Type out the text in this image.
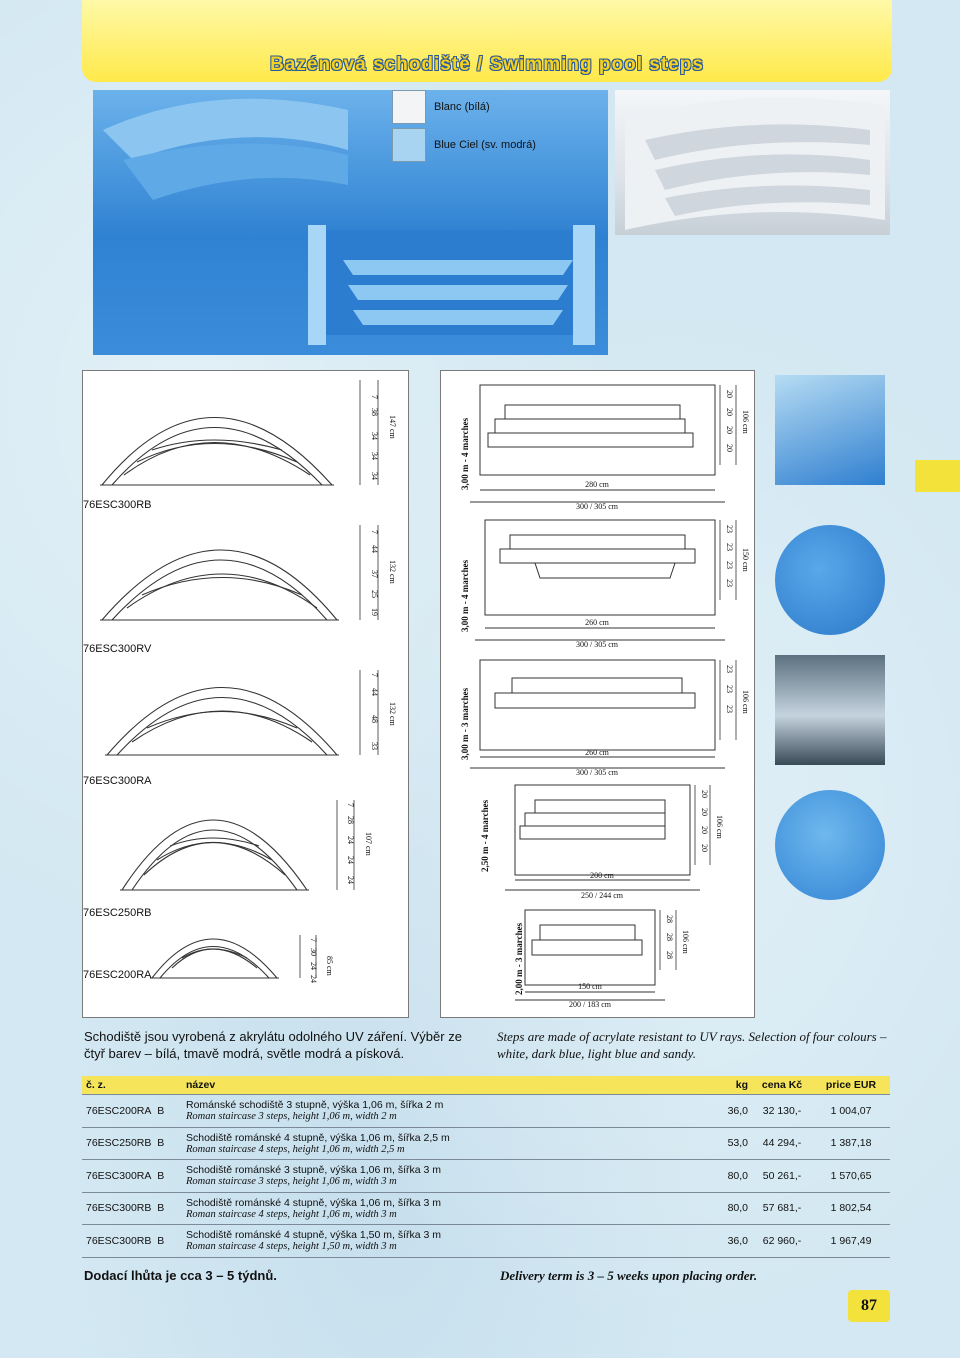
Bazénová schodiště / Swimming pool steps
Blanc (bílá)
Blue Ciel (sv. modrá)
7
38
34
34
34
147 cm
7
44
37
25
19
132 cm
7
44
48
33
132 cm
7
28
24
24
24
107 cm
7
30
24
24
85 cm
280 cm
300 / 305 cm
260 cm
300 / 305 cm
260 cm
300 / 305 cm
200 cm
250 / 244 cm
150 cm
200 / 183 cm
3,00 m - 4 marches
3,00 m - 4 marches
3,00 m - 3 marches
2,50 m - 4 marches
2,00 m - 3 marches
20
20
20
20
106 cm
23
23
23
23
150 cm
23
23
23 106 cm
20
20
20
20
106 cm
28
28
28
106 cm
76ESC300RB
76ESC300RV
76ESC300RA
76ESC250RB
76ESC200RA
Schodiště jsou vyrobená z akrylátu odolného UV záření. Výběr ze čtyř barev – bílá, tmavě modrá, světle modrá a písková.
Steps are made of acrylate resistant to UV rays. Selection of four colours – white, dark blue, light blue and sandy.
č. z.	název	kg	cena Kč	price EUR
76ESC200RA B	Románské schodiště 3 stupně, výška 1,06 m, šířka 2 m
Roman staircase 3 steps, height 1,06 m, width 2 m	36,0	32 130,-	1 004,07
76ESC250RB B	Schodiště románské 4 stupně, výška 1,06 m, šířka 2,5 m
Roman staircase 4 steps, height 1,06 m, width 2,5 m	53,0	44 294,-	1 387,18
76ESC300RA B	Schodiště románské 3 stupně, výška 1,06 m, šířka 3 m
Roman staircase 3 steps, height 1,06 m, width 3 m	80,0	50 261,-	1 570,65
76ESC300RB B	Schodiště románské 4 stupně, výška 1,06 m, šířka 3 m
Roman staircase 4 steps, height 1,06 m, width 3 m	80,0	57 681,-	1 802,54
76ESC300RB B	Schodiště románské 4 stupně, výška 1,50 m, šířka 3 m
Roman staircase 4 steps, height 1,50 m, width 3 m	36,0	62 960,-	1 967,49
Dodací lhůta je cca 3 – 5 týdnů.	Delivery term is 3 – 5 weeks upon placing order.
87
